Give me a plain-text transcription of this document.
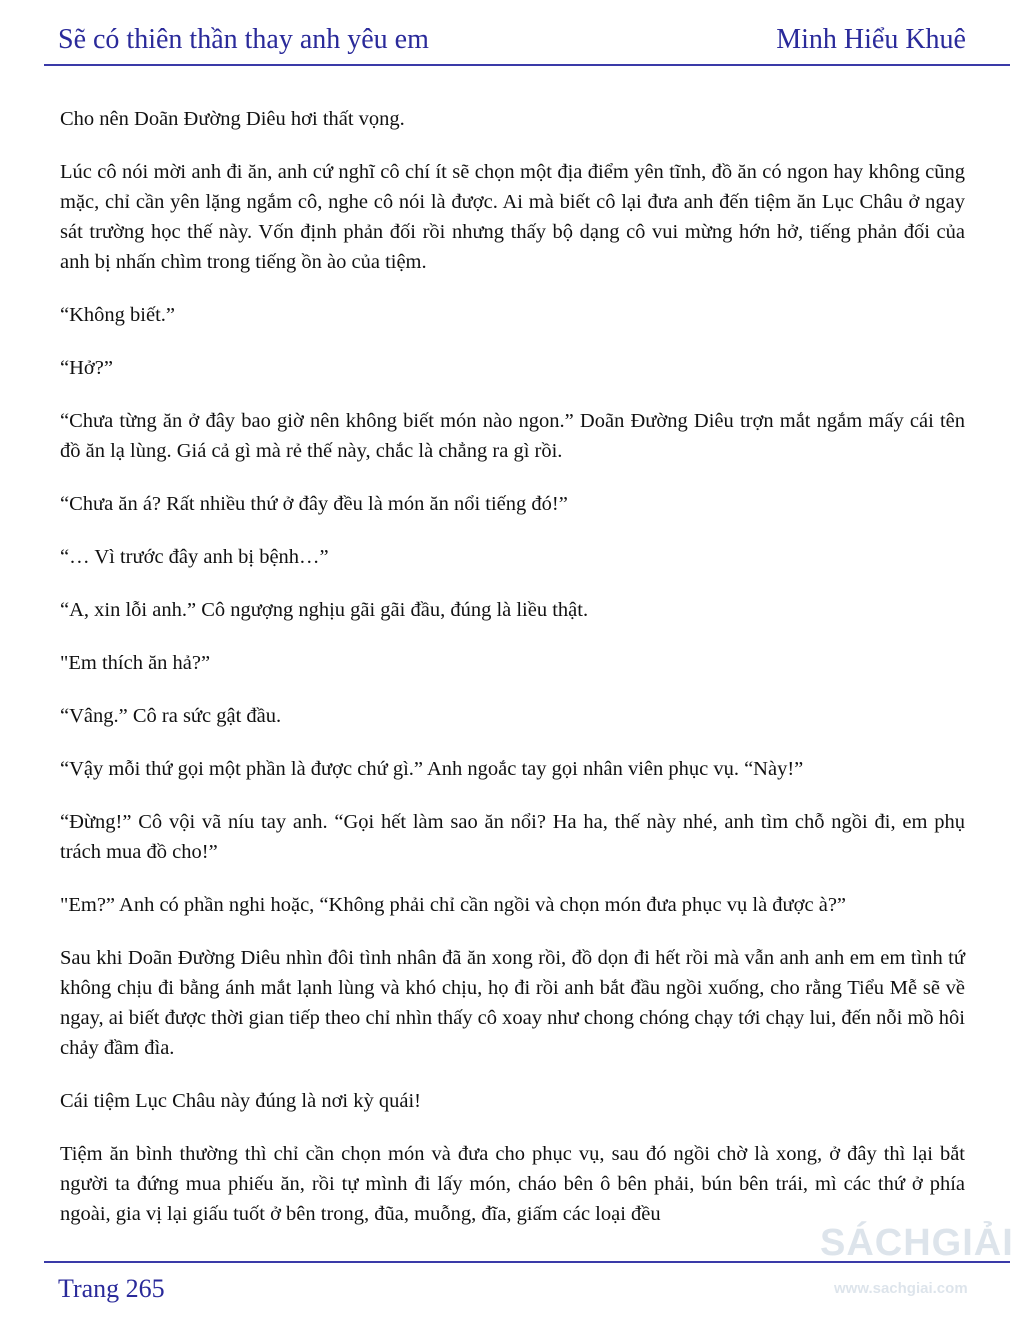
Sẽ có thiên thần thay anh yêu em	Minh Hiểu Khuê

Cho nên Doãn Đường Diêu hơi thất vọng.

Lúc cô nói mời anh đi ăn, anh cứ nghĩ cô chí ít sẽ chọn một địa điểm yên tĩnh, đồ ăn có ngon hay không cũng mặc, chỉ cần yên lặng ngắm cô, nghe cô nói là được. Ai mà biết cô lại đưa anh đến tiệm ăn Lục Châu ở ngay sát trường học thế này. Vốn định phản đối rồi nhưng thấy bộ dạng cô vui mừng hớn hở, tiếng phản đối của anh bị nhấn chìm trong tiếng ồn ào của tiệm.

“Không biết.”

“Hở?”

“Chưa từng ăn ở đây bao giờ nên không biết món nào ngon.” Doãn Đường Diêu trợn mắt ngắm mấy cái tên đồ ăn lạ lùng. Giá cả gì mà rẻ thế này, chắc là chẳng ra gì rồi.

“Chưa ăn á? Rất nhiều thứ ở đây đều là món ăn nổi tiếng đó!”

“… Vì trước đây anh bị bệnh…”

“A, xin lỗi anh.” Cô ngượng nghịu gãi gãi đầu, đúng là liều thật.

"Em thích ăn hả?”

“Vâng.” Cô ra sức gật đầu.

“Vậy mỗi thứ gọi một phần là được chứ gì.” Anh ngoắc tay gọi nhân viên phục vụ. “Này!”

“Đừng!” Cô vội vã níu tay anh. “Gọi hết làm sao ăn nổi? Ha ha, thế này nhé, anh tìm chỗ ngồi đi, em phụ trách mua đồ cho!”

"Em?” Anh có phần nghi hoặc, “Không phải chỉ cần ngồi và chọn món đưa phục vụ là được à?”

Sau khi Doãn Đường Diêu nhìn đôi tình nhân đã ăn xong rồi, đồ dọn đi hết rồi mà vẫn anh anh em em tình tứ không chịu đi bằng ánh mắt lạnh lùng và khó chịu, họ đi rồi anh bắt đầu ngồi xuống, cho rằng Tiểu Mễ sẽ về ngay, ai biết được thời gian tiếp theo chỉ nhìn thấy cô xoay như chong chóng chạy tới chạy lui, đến nỗi mồ hôi chảy đầm đìa.

Cái tiệm Lục Châu này đúng là nơi kỳ quái!

Tiệm ăn bình thường thì chỉ cần chọn món và đưa cho phục vụ, sau đó ngồi chờ là xong, ở đây thì lại bắt người ta đứng mua phiếu ăn, rồi tự mình đi lấy món, cháo bên ô bên phải, bún bên trái, mì các thứ ở phía ngoài, gia vị lại giấu tuốt ở bên trong, đũa, muỗng, đĩa, giấm các loại đều

Trang 265
SÁCHGIẢI
www.sachgiai.com
